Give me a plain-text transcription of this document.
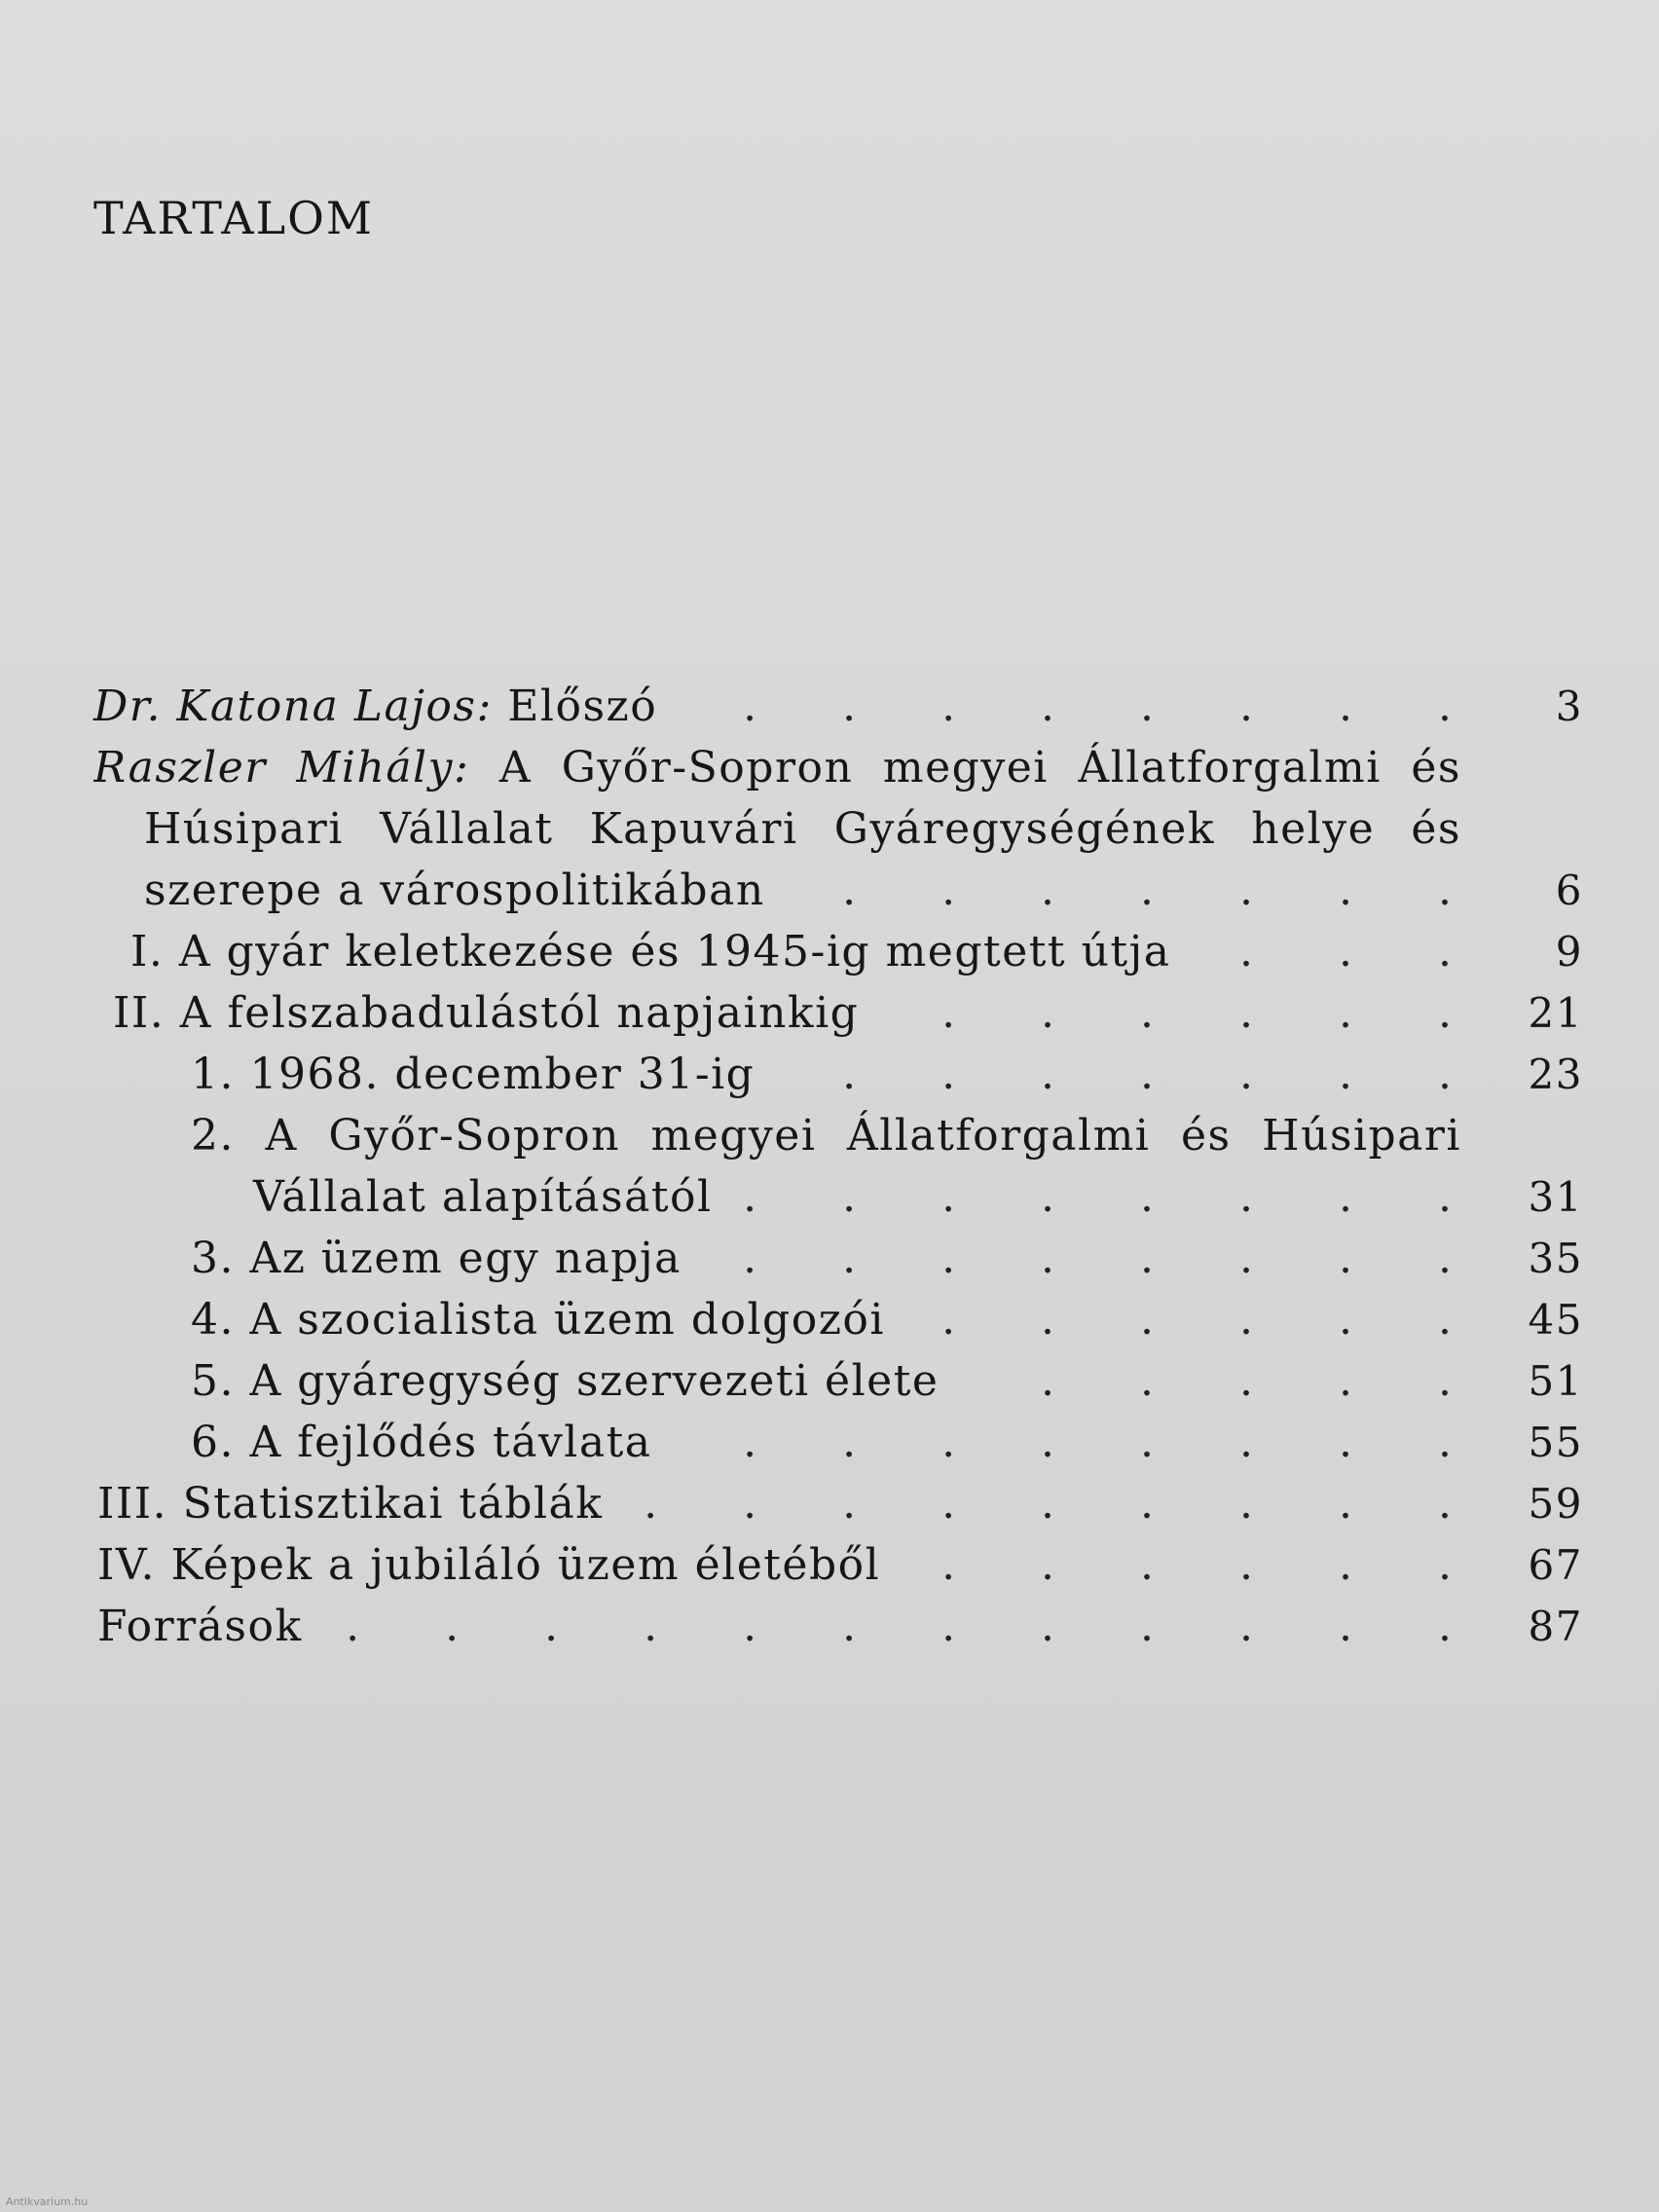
TARTALOM
Dr. Katona Lajos: Előszó .  . 	3
Raszler Mihály: A Győr-Sopron megyei Állatforgalmi és
Húsipari Vállalat Kapuvári Gyáregységének helye és
szerepe a várospolitikában .  . 	6
I. A gyár keletkezése és 1945-ig megtett útja .  . 	9
II. A felszabadulástól napjainkig .  . 	21
1. 1968. december 31-ig .  . 	23
2. A Győr-Sopron megyei Állatforgalmi és Húsipari
Vállalat alapításától .  . 	31
3. Az üzem egy napja .  . 	35
4. A szocialista üzem dolgozói .  . 	45
5. A gyáregység szervezeti élete .  . 	51
6. A fejlődés távlata .  . 	55
III. Statisztikai táblák .  . 	59
IV. Képek a jubiláló üzem életéből .  . 	67
Források .  . 	87
Antikvarium.hu
